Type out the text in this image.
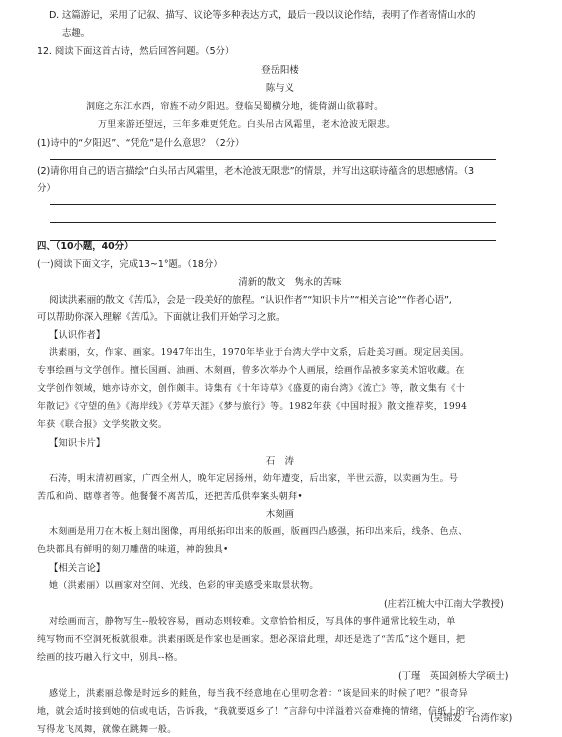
D. 这篇游记，采用了记叙、描写、议论等多种表达方式，最后一段以议论作结，表明了作者寄情山水的
志趣。
12. 阅读下面这首古诗，然后回答问题。（5分）
登岳阳楼
陈与义
洞庭之东江水西，帘旌不动夕阳迟。登临吴蜀横分地，徙倚湖山欲暮时。
万里来游还望远，三年多难更凭危。白头吊古风霜里，老木沧波无限悲。
(1)诗中的“夕阳迟”、“凭危”是什么意思？（2分）
(2)请你用自己的语言描绘“白头吊古风霜里，老木沧波无限悲”的情景，并写出这联诗蕴含的思想感情。（3
分）
四、（10小题，40分）
(一)阅读下面文字，完成13~1°题。（18分）
清新的散文　隽永的苦味
阅读洪素丽的散文《苦瓜》，会是一段美好的旅程。“认识作者”“知识卡片”“相关言论”“作者心语”,
可以帮助你深入理解《苦瓜》。下面就让我们开始学习之旅。
【认识作者】
洪素丽，女，作家、画家。1947年出生，1970年毕业于台湾大学中文系，后赴美习画。现定居美国。
专事绘画与文学创作。擅长国画、油画、木刻画，曾多次举办个人画展，绘画作品被多家美术馆收藏。在
文学创作领域，她亦诗亦文，创作颇丰。诗集有《十年诗草》《盛夏的南台湾》《流亡》等，散文集有《十
年散记》《守望的鱼》《海岸线》《芳草天涯》《梦与旅行》等。1982年获《中国时报》散文推荐奖，1994
年获《联合报》文学奖散文奖。
【知识卡片】
石　涛
石涛，明末清初画家，广西全州人，晚年定居扬州，幼年遭变，后出家，半世云游，以卖画为生。号
苦瓜和尚、瞎尊者等。他餐餐不离苦瓜，还把苦瓜供奉案头朝拜•
木刻画
木刻画是用刀在木板上刻出图像，再用纸拓印出来的版画，版画四凸感强，拓印出来后，线条、色点、
色块都具有鲜明的刻刀雕凿的味道，神韵独具•
【相关言论】
她（洪素丽）以画家对空间、光线、色彩的审美感受来取景状物。
(庄若江梳大中江南大学教授)
对绘画而言，静物写生--般较容易，画动态则较难。文章恰恰相反，写具体的事件通常比较生动，单
纯写物而不空洞死板就很难。洪素丽既是作家也是画家。想必深谙此理，却还是选了“苦瓜”这个题目，把
绘画的技巧融入行文中，别具--格。
(丁瑾　英国剑桥大学硕士)
感觉上，洪素丽总像是时远乡的鲑鱼，每当我不经意地在心里叨念着：“该是回来的时候了吧？”很奇异
地，就会适时接到她的信或电话，告诉我，“我就要返乡了！”言辞句中洋溢着兴奋难掩的情绪，信纸上的字
写得龙飞凤舞，就像在跳舞一般。
(吴锦发　台湾作家)
